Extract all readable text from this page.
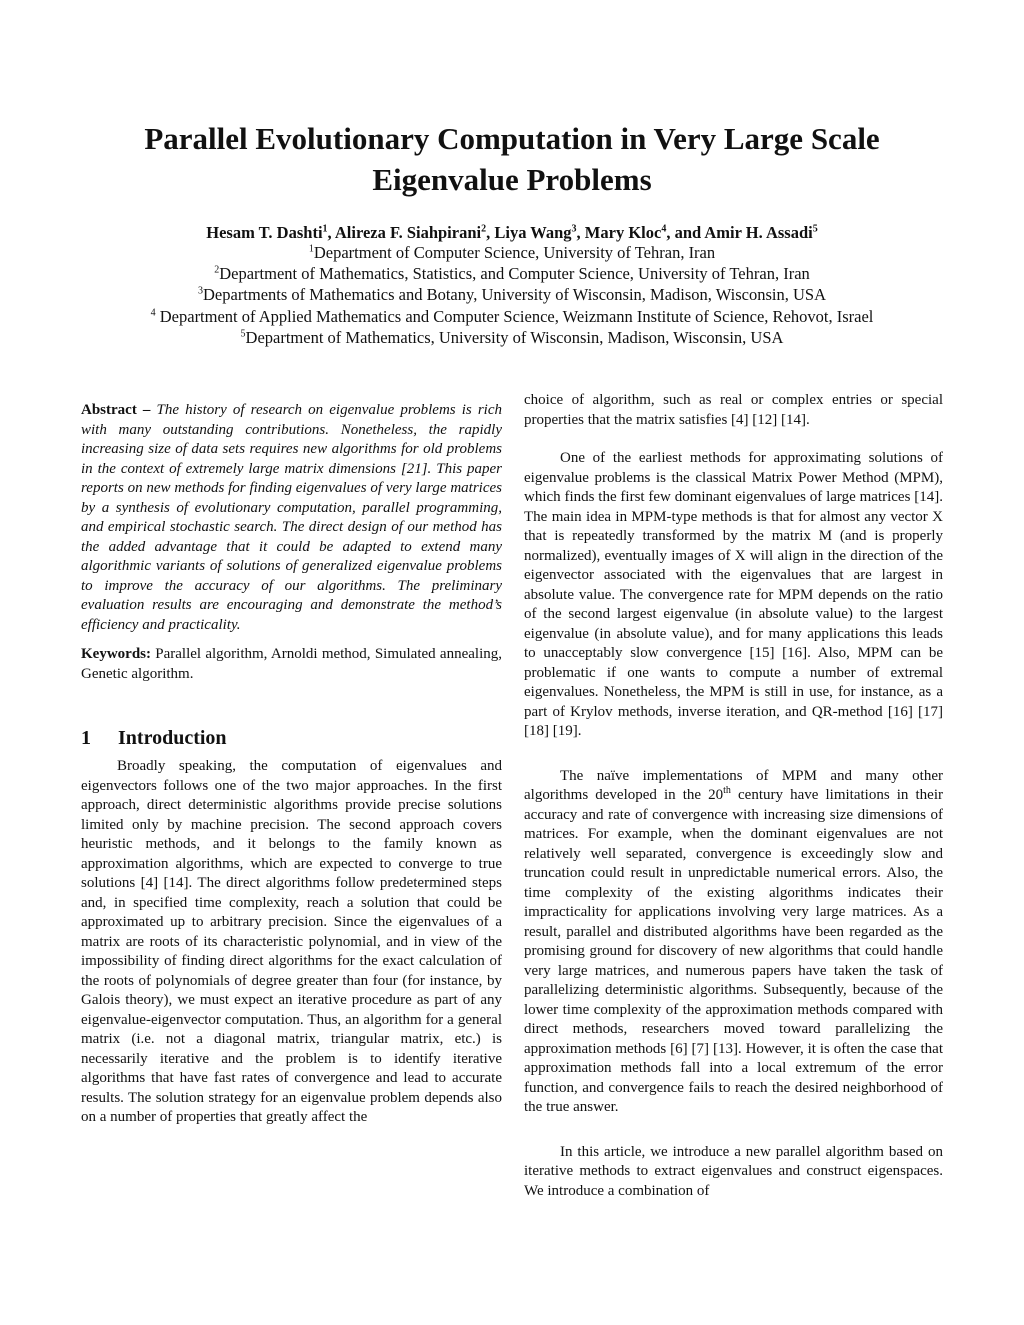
Parallel Evolutionary Computation in Very Large Scale
Eigenvalue Problems
Hesam T. Dashti$^1$, Alireza F. Siahpirani$^2$, Liya Wang$^3$, Mary Kloc$^4$, and Amir H. Assadi$^5$
$^1$Department of Computer Science, University of Tehran, Iran
$^2$Department of Mathematics, Statistics, and Computer Science, University of Tehran, Iran
$^3$Departments of Mathematics and Botany, University of Wisconsin, Madison, Wisconsin, USA
$^4$ Department of Applied Mathematics and Computer Science, Weizmann Institute of Science, Rehovot, Israel
$^5$Department of Mathematics, University of Wisconsin, Madison, Wisconsin, USA

Abstract – The history of research on eigenvalue problems is rich with many outstanding contributions. Nonetheless, the rapidly increasing size of data sets requires new algorithms for old problems in the context of extremely large matrix dimensions [21]. This paper reports on new methods for finding eigenvalues of very large matrices by a synthesis of evolutionary computation, parallel programming, and empirical stochastic search. The direct design of our method has the added advantage that it could be adapted to extend many algorithmic variants of solutions of generalized eigenvalue problems to improve the accuracy of our algorithms. The preliminary evaluation results are encouraging and demonstrate the method’s efficiency and practicality.

Keywords: Parallel algorithm, Arnoldi method, Simulated annealing, Genetic algorithm.

1 Introduction

Broadly speaking, the computation of eigenvalues and eigenvectors follows one of the two major approaches. In the first approach, direct deterministic algorithms provide precise solutions limited only by machine precision. The second approach covers heuristic methods, and it belongs to the family known as approximation algorithms, which are expected to converge to true solutions [4] [14]. The direct algorithms follow predetermined steps and, in specified time complexity, reach a solution that could be approximated up to arbitrary precision. Since the eigenvalues of a matrix are roots of its characteristic polynomial, and in view of the impossibility of finding direct algorithms for the exact calculation of the roots of polynomials of degree greater than four (for instance, by Galois theory), we must expect an iterative procedure as part of any eigenvalue-eigenvector computation. Thus, an algorithm for a general matrix (i.e. not a diagonal matrix, triangular matrix, etc.) is necessarily iterative and the problem is to identify iterative algorithms that have fast rates of convergence and lead to accurate results. The solution strategy for an eigenvalue problem depends also on a number of properties that greatly affect the

choice of algorithm, such as real or complex entries or special properties that the matrix satisfies [4] [12] [14].

One of the earliest methods for approximating solutions of eigenvalue problems is the classical Matrix Power Method (MPM), which finds the first few dominant eigenvalues of large matrices [14]. The main idea in MPM-type methods is that for almost any vector X that is repeatedly transformed by the matrix M (and is properly normalized), eventually images of X will align in the direction of the eigenvector associated with the eigenvalues that are largest in absolute value. The convergence rate for MPM depends on the ratio of the second largest eigenvalue (in absolute value) to the largest eigenvalue (in absolute value), and for many applications this leads to unacceptably slow convergence [15] [16]. Also, MPM can be problematic if one wants to compute a number of extremal eigenvalues. Nonetheless, the MPM is still in use, for instance, as a part of Krylov methods, inverse iteration, and QR-method [16] [17] [18] [19].

The naïve implementations of MPM and many other algorithms developed in the 20th century have limitations in their accuracy and rate of convergence with increasing size dimensions of matrices. For example, when the dominant eigenvalues are not relatively well separated, convergence is exceedingly slow and truncation could result in unpredictable numerical errors. Also, the time complexity of the existing algorithms indicates their impracticality for applications involving very large matrices. As a result, parallel and distributed algorithms have been regarded as the promising ground for discovery of new algorithms that could handle very large matrices, and numerous papers have taken the task of parallelizing deterministic algorithms. Subsequently, because of the lower time complexity of the approximation methods compared with direct methods, researchers moved toward parallelizing the approximation methods [6] [7] [13]. However, it is often the case that approximation methods fall into a local extremum of the error function, and convergence fails to reach the desired neighborhood of the true answer.

In this article, we introduce a new parallel algorithm based on iterative methods to extract eigenvalues and construct eigenspaces. We introduce a combination of
